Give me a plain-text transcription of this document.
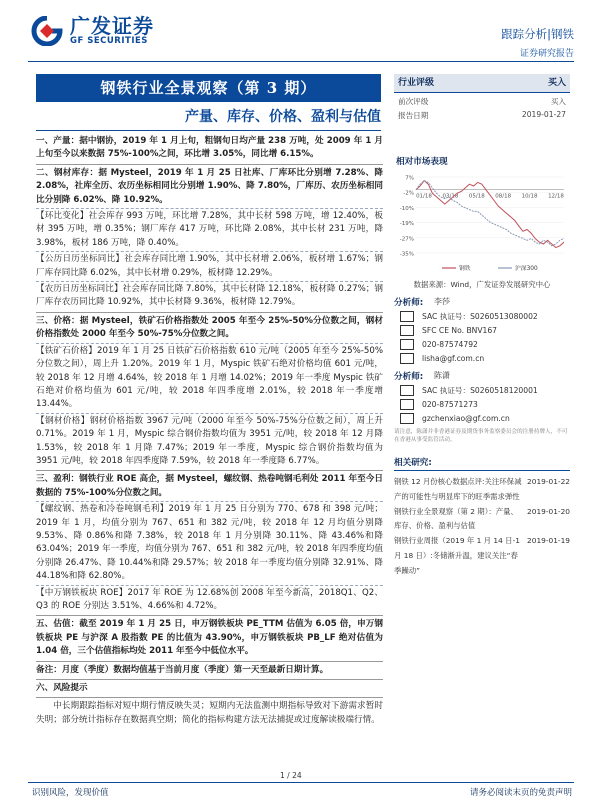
广发证券
GF SECURITIES	跟踪分析|钢铁
证券研究报告
钢铁行业全景观察（第 3 期）
产量、库存、价格、盈利与估值

一、产量：据中钢协，2019 年 1 月上旬，粗钢旬日均产量 238 万吨，处 2009 年 1 月上旬至今以来数据 75%-100%之间，环比增 3.05%，同比增 6.15%。

二、钢材库存：据 Mysteel，2019 年 1 月 25 日社库、厂库环比分别增 7.28%、降 2.08%，社库全历、农历坐标相同比分别增 1.90%、降 7.80%，厂库历、农历坐标相同比分别降 6.02%、降 10.92%。

【环比变化】社会库存 993 万吨，环比增 7.28%，其中长材 598 万吨，增 12.40%，板材 395 万吨，增 0.35%；钢厂库存 417 万吨，环比降 2.08%，其中长材 231 万吨，降 3.98%，板材 186 万吨，降 0.40%。

【公历日历坐标同比】社会库存同比增 1.90%，其中长材增 2.06%，板材增 1.67%；钢厂库存同比降 6.02%，其中长材增 0.29%，板材降 12.29%。

【农历日历坐标同比】社会库存同比降 7.80%，其中长材降 12.18%，板材降 0.27%；钢厂库存农历同比降 10.92%，其中长材降 9.36%，板材降 12.79%。

三、价格：据 Mysteel，铁矿石价格指数处 2005 年至今 25%-50%分位数之间，钢材价格指数处 2000 年至今 50%-75%分位数之间。

【铁矿石价格】2019 年 1 月 25 日铁矿石价格指数 610 元/吨（2005 年至今 25%-50%分位数之间），周上升 1.20%。2019 年 1 月，Myspic 铁矿石绝对价格均值 601 元/吨，较 2018 年 12 月增 4.64%，较 2018 年 1 月增 14.02%；2019 年一季度 Myspic 铁矿石绝对价格均值为 601 元/吨，较 2018 年四季度增 2.01%，较 2018 年一季度增 13.44%。

【钢材价格】钢材价格指数 3967 元/吨（2000 年至今 50%-75%分位数之间），周上升 0.71%。2019 年 1 月，Myspic 综合钢价指数均值为 3951 元/吨，较 2018 年 12 月降 1.53%，较 2018 年 1 月降 7.47%；2019 年一季度，Myspic 综合钢价指数均值为 3951 元/吨，较 2018 年四季度降 7.59%，较 2018 年一季度降 6.77%。

三、盈利：钢铁行业 ROE 高企，据 Mysteel，螺纹钢、热卷吨钢毛利处 2011 年至今日数据的 75%-100%分位数之间。

【螺纹钢、热卷和冷卷吨钢毛利】2019 年 1 月 25 日分别为 770、678 和 398 元/吨；2019 年 1 月，均值分别为 767、651 和 382 元/吨，较 2018 年 12 月均值分别降 9.53%、降 0.86%和降 7.38%，较 2018 年 1 月分别降 30.11%、降 43.46%和降 63.04%；2019 年一季度，均值分别为 767、651 和 382 元/吨，较 2018 年四季度均值分别降 26.47%、降 10.44%和降 29.57%；较 2018 年一季度均值分别降 32.91%、降 44.18%和降 62.80%。

【中万钢铁板块 ROE】2017 年 ROE 为 12.68%创 2008 年至今新高，2018Q1、Q2、Q3 的 ROE 分别达 3.51%、4.66%和 4.72%。

五、估值：截至 2019 年 1 月 25 日，申万钢铁板块 PE_TTM 估值为 6.05 倍，申万钢铁板块 PE 与沪深 A 股指数 PE 的比值为 43.90%，申万钢铁板块 PB_LF 绝对估值为 1.04 倍，三个估值指标均处 2011 年至今中低位水平。

备注：月度（季度）数据均值基于当前月度（季度）第一天至最新日期计算。

六、风险提示

中长期跟踪指标对短中期行情反映失灵；短期内无法监测中期指标导致对下游需求暂时失明；部分统计指标存在数据真空期；简化的指标构建方法无法捕捉或过度解读极端行情。

行业评级	买入
前次评级	买入
报告日期	2019-01-27
相对市场表现
7%
-2%
-10%
-19%
-27%
-35%
01/18 03/18 05/18 08/18 10/18 12/18
钢铁	沪深300
数据来源：Wind，广发证券发展研究中心
分析师:	李莎
SAC 执证号：S0260513080002
SFC CE No. BNV167
020-87574792
lisha@gf.com.cn
分析师:	陈潇
SAC 执证号：S0260518120001
020-87571273
gzchenxiao@gf.com.cn
请注意，陈潇并非香港证券及期货事务监察委员会的注册持牌人，不可在香港从事受监管活动。
相关研究:
钢铁 12 月份核心数据点评:关注环保减产的可能性与明显库下的旺季需求弹性
2019-01-22
钢铁行业全景观察（第 2 期）：产量、库存、价格、盈利与估值
2019-01-20
钢铁行业周报（2019 年 1 月 14 日-1 月 18 日）:冬储渐升温，建议关注“春季躁动”
2019-01-19
1 / 24
识别风险，发现价值	请务必阅读末页的免责声明
